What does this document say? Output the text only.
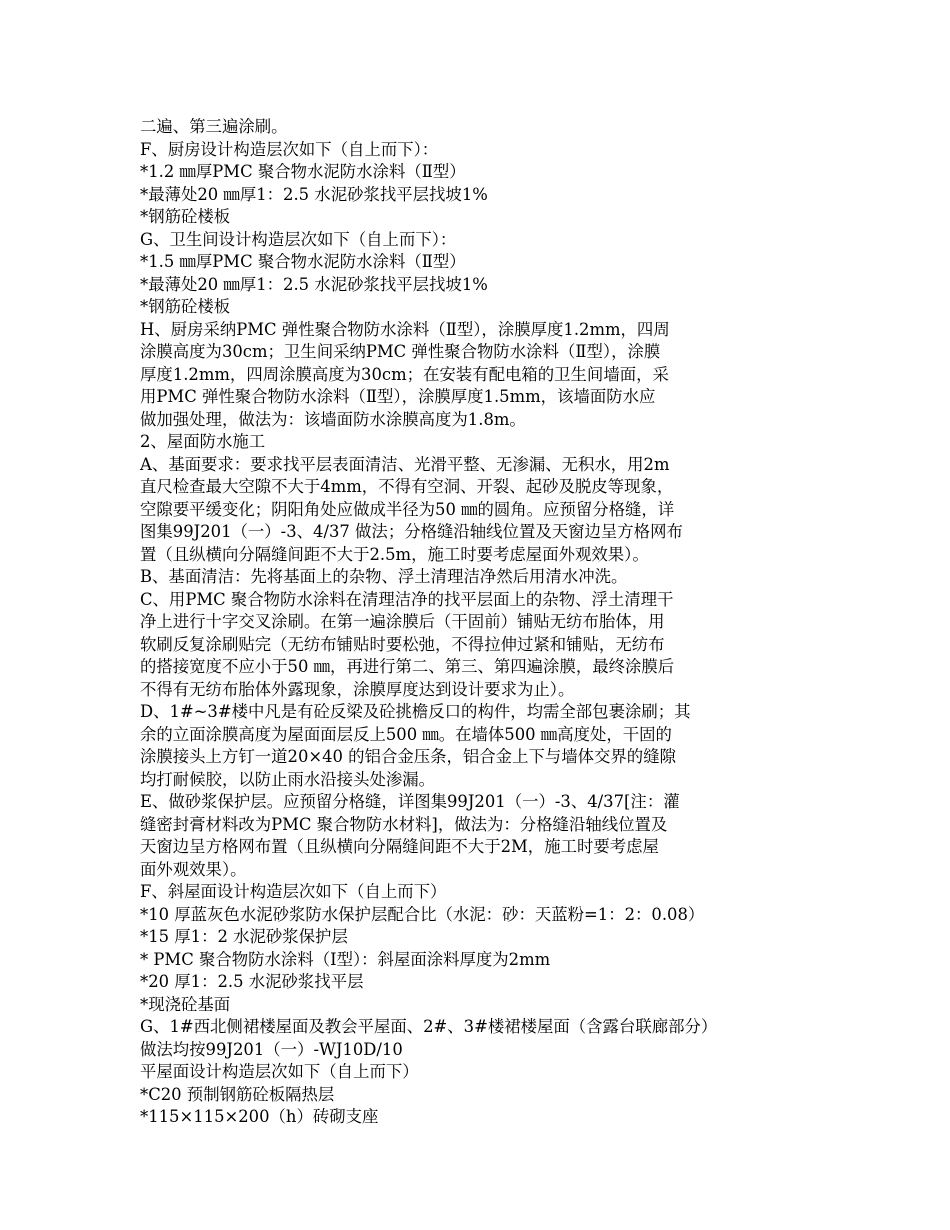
二遍、第三遍涂刷。
F、厨房设计构造层次如下（自上而下）：
*1.2 ㎜厚PMC 聚合物水泥防水涂料（Ⅱ型）
*最薄处20 ㎜厚1：2.5 水泥砂浆找平层找坡1%
*钢筋砼楼板
G、卫生间设计构造层次如下（自上而下）：
*1.5 ㎜厚PMC 聚合物水泥防水涂料（Ⅱ型）
*最薄处20 ㎜厚1：2.5 水泥砂浆找平层找坡1%
*钢筋砼楼板
H、厨房采纳PMC 弹性聚合物防水涂料（Ⅱ型），涂膜厚度1.2mm，四周
涂膜高度为30cm；卫生间采纳PMC 弹性聚合物防水涂料（Ⅱ型），涂膜
厚度1.2mm，四周涂膜高度为30cm；在安装有配电箱的卫生间墙面，采
用PMC 弹性聚合物防水涂料（Ⅱ型），涂膜厚度1.5mm，该墙面防水应
做加强处理，做法为：该墙面防水涂膜高度为1.8m。
2、屋面防水施工
A、基面要求：要求找平层表面清洁、光滑平整、无渗漏、无积水，用2m
直尺检查最大空隙不大于4mm，不得有空洞、开裂、起砂及脱皮等现象，
空隙要平缓变化；阴阳角处应做成半径为50 ㎜的圆角。应预留分格缝，详
图集99J201（一）-3、4/37 做法；分格缝沿轴线位置及天窗边呈方格网布
置（且纵横向分隔缝间距不大于2.5m，施工时要考虑屋面外观效果）。
B、基面清洁：先将基面上的杂物、浮土清理洁净然后用清水冲洗。
C、用PMC 聚合物防水涂料在清理洁净的找平层面上的杂物、浮土清理干
净上进行十字交叉涂刷。在第一遍涂膜后（干固前）铺贴无纺布胎体，用
软刷反复涂刷贴完（无纺布铺贴时要松弛，不得拉伸过紧和铺贴，无纺布
的搭接宽度不应小于50 ㎜，再进行第二、第三、第四遍涂膜，最终涂膜后
不得有无纺布胎体外露现象，涂膜厚度达到设计要求为止）。
D、1#~3#楼中凡是有砼反梁及砼挑檐反口的构件，均需全部包裹涂刷；其
余的立面涂膜高度为屋面面层反上500 ㎜。在墙体500 ㎜高度处，干固的
涂膜接头上方钉一道20×40 的铝合金压条，铝合金上下与墙体交界的缝隙
均打耐候胶，以防止雨水沿接头处渗漏。
E、做砂浆保护层。应预留分格缝，详图集99J201（一）-3、4/37[注：灌
缝密封膏材料改为PMC 聚合物防水材料]，做法为：分格缝沿轴线位置及
天窗边呈方格网布置（且纵横向分隔缝间距不大于2M，施工时要考虑屋
面外观效果）。
F、斜屋面设计构造层次如下（自上而下）
*10 厚蓝灰色水泥砂浆防水保护层配合比（水泥：砂：天蓝粉=1：2：0.08）
*15 厚1：2 水泥砂浆保护层
* PMC 聚合物防水涂料（Ⅰ型）：斜屋面涂料厚度为2mm
*20 厚1：2.5 水泥砂浆找平层
*现浇砼基面
G、1#西北侧裙楼屋面及教会平屋面、2#、3#楼裙楼屋面（含露台联廊部分）
做法均按99J201（一）-WJ10D/10
平屋面设计构造层次如下（自上而下）
*C20 预制钢筋砼板隔热层
*115×115×200（h）砖砌支座
